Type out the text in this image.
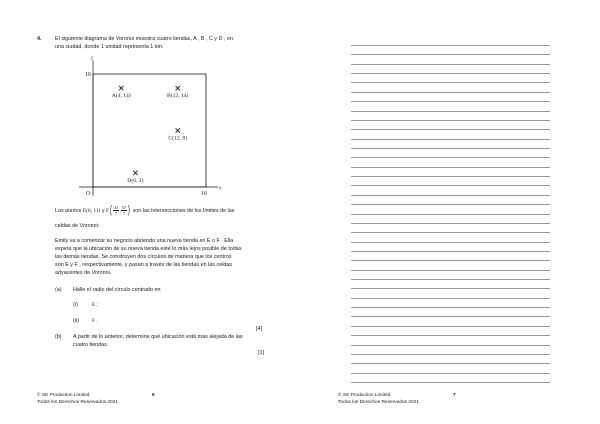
4.	El siguiente diagrama de Voronoi muestra cuatro tiendas, A , B , C y D , en
una ciudad, donde 1 unidad representa 1 km.
x
y
O	16
16
A(4, 14)	B(12, 14)
C(12, 8)
D(6, 2)
Los puntos E(8, 11) y $F( \frac{41}{7}$ , $\frac{57}{7}$ ) son las intersecciones de los límites de las
celdas de Voronoi.
Emily va a comenzar su negocio abriendo una nueva tienda en E o F . Ella
espera que la ubicación de su nueva tienda esté lo más lejos posible de todas
las demás tiendas. Se construyen dos círculos de manera que los centros
son E y F , respectivamente, y pasan a través de las tiendas en las celdas
adyacentes de Voronoi.
(a) Halle el radio del círculo centrado en
(i)	E ;
(ii) F .
[4]
(b) A partir de lo anterior, determine qué ubicación está más alejada de las
cuatro tiendas.
[1]
© SE Production Limited
Todos los Derechos Reservados 2021
6	© SE Production Limited
Todos los Derechos Reservados 2021
7
